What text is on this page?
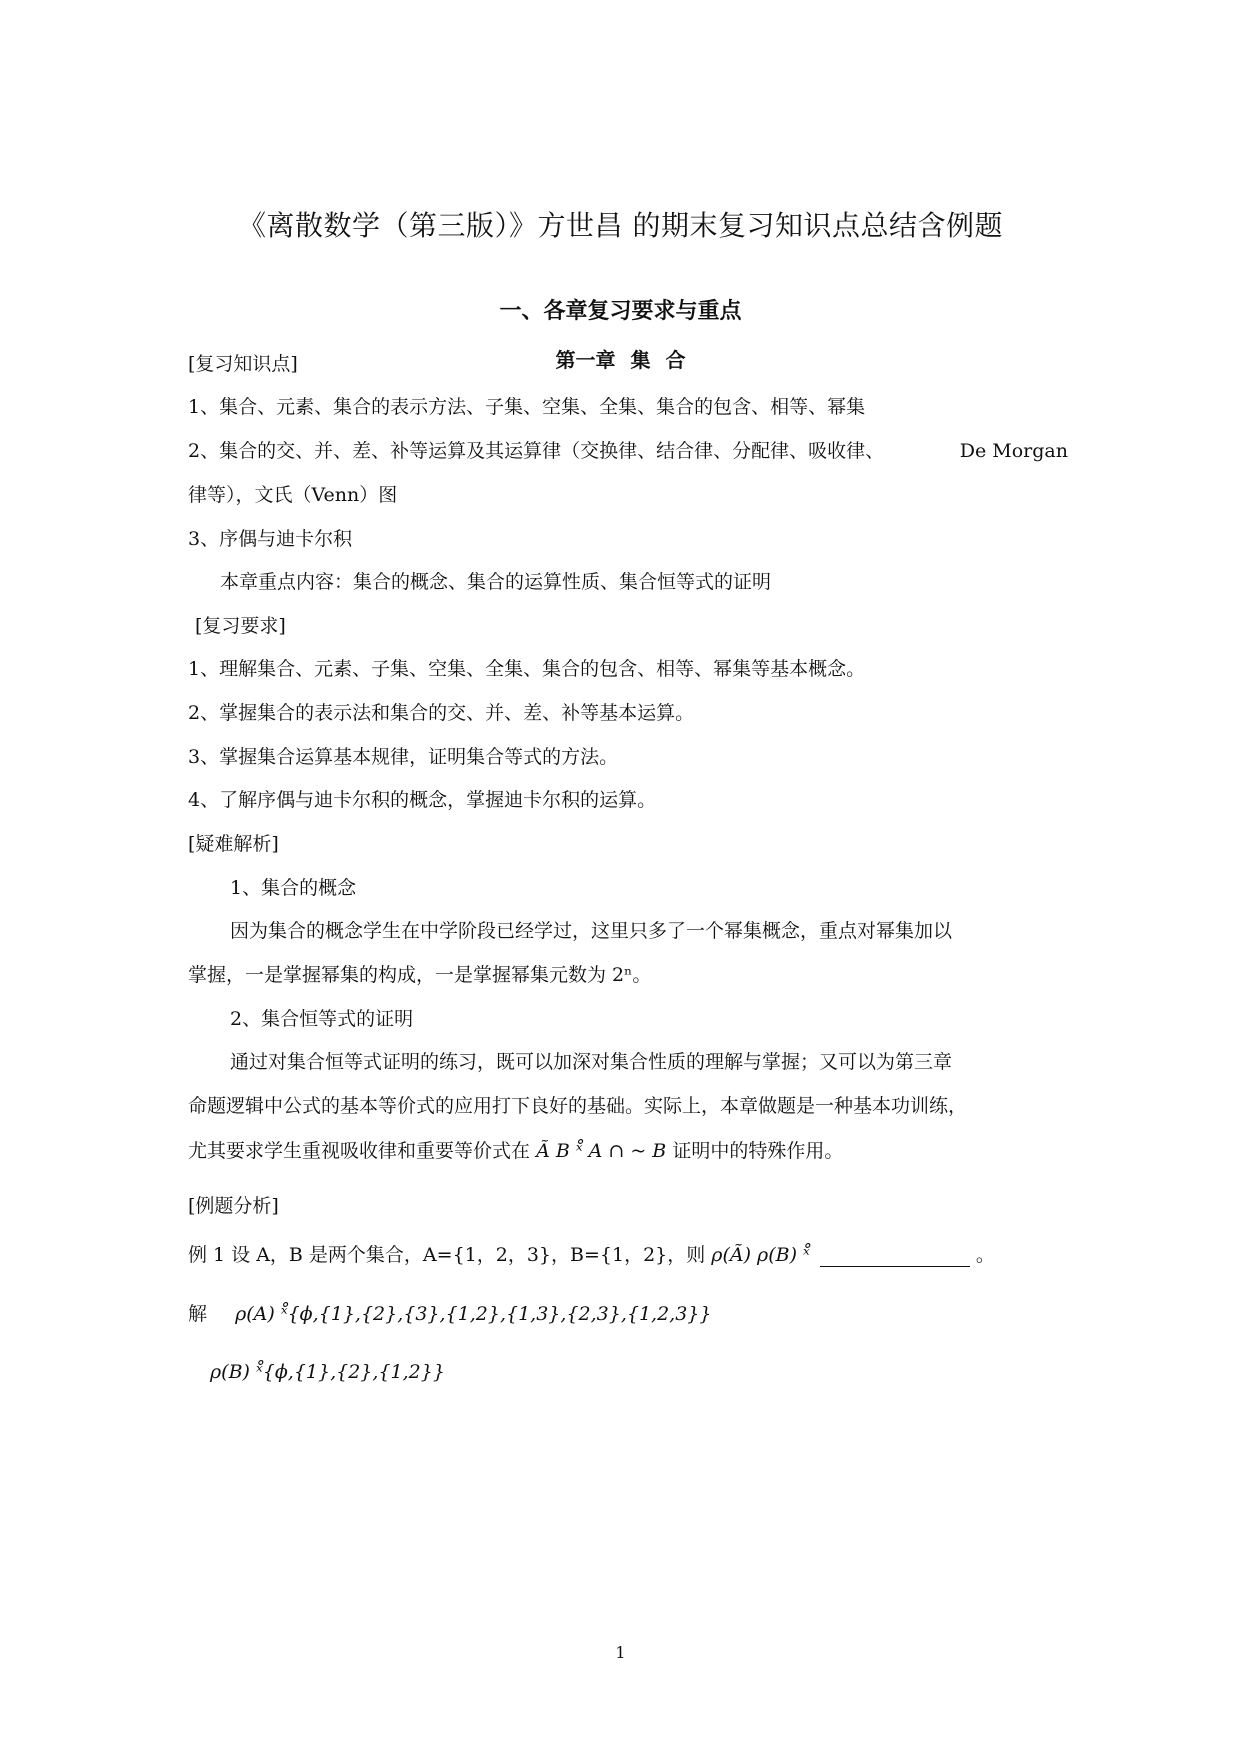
《离散数学（第三版）》方世昌 的期末复习知识点总结含例题
一、各章复习要求与重点
第一章 集 合
[复习知识点]
1、集合、元素、集合的表示方法、子集、空集、全集、集合的包含、相等、幂集
2、集合的交、并、差、补等运算及其运算律（交换律、结合律、分配律、吸收律、	De Morgan
律等），文氏（Venn）图
3、序偶与迪卡尔积
本章重点内容：集合的概念、集合的运算性质、集合恒等式的证明
[复习要求]
1、理解集合、元素、子集、空集、全集、集合的包含、相等、幂集等基本概念。
2、掌握集合的表示法和集合的交、并、差、补等基本运算。
3、掌握集合运算基本规律，证明集合等式的方法。
4、了解序偶与迪卡尔积的概念，掌握迪卡尔积的运算。
[疑难解析]
1、集合的概念
因为集合的概念学生在中学阶段已经学过，这里只多了一个幂集概念，重点对幂集加以
掌握，一是掌握幂集的构成，一是掌握幂集元数为 2ⁿ。
2、集合恒等式的证明
通过对集合恒等式证明的练习，既可以加深对集合性质的理解与掌握；又可以为第三章
命题逻辑中公式的基本等价式的应用打下良好的基础。实际上，本章做题是一种基本功训练，
尤其要求学生重视吸收律和重要等价式在 Ã B ˣ̊ A ∩ ~ B 证明中的特殊作用。
[例题分析]
例 1 设 A，B 是两个集合，A={1，2，3}，B={1，2}，则 ρ(Ã) ρ(B) ˣ̊	。
解 ρ(A) ˣ̊{ϕ,{1},{2},{3},{1,2},{1,3},{2,3},{1,2,3}}
ρ(B) ˣ̊{ϕ,{1},{2},{1,2}}
1
